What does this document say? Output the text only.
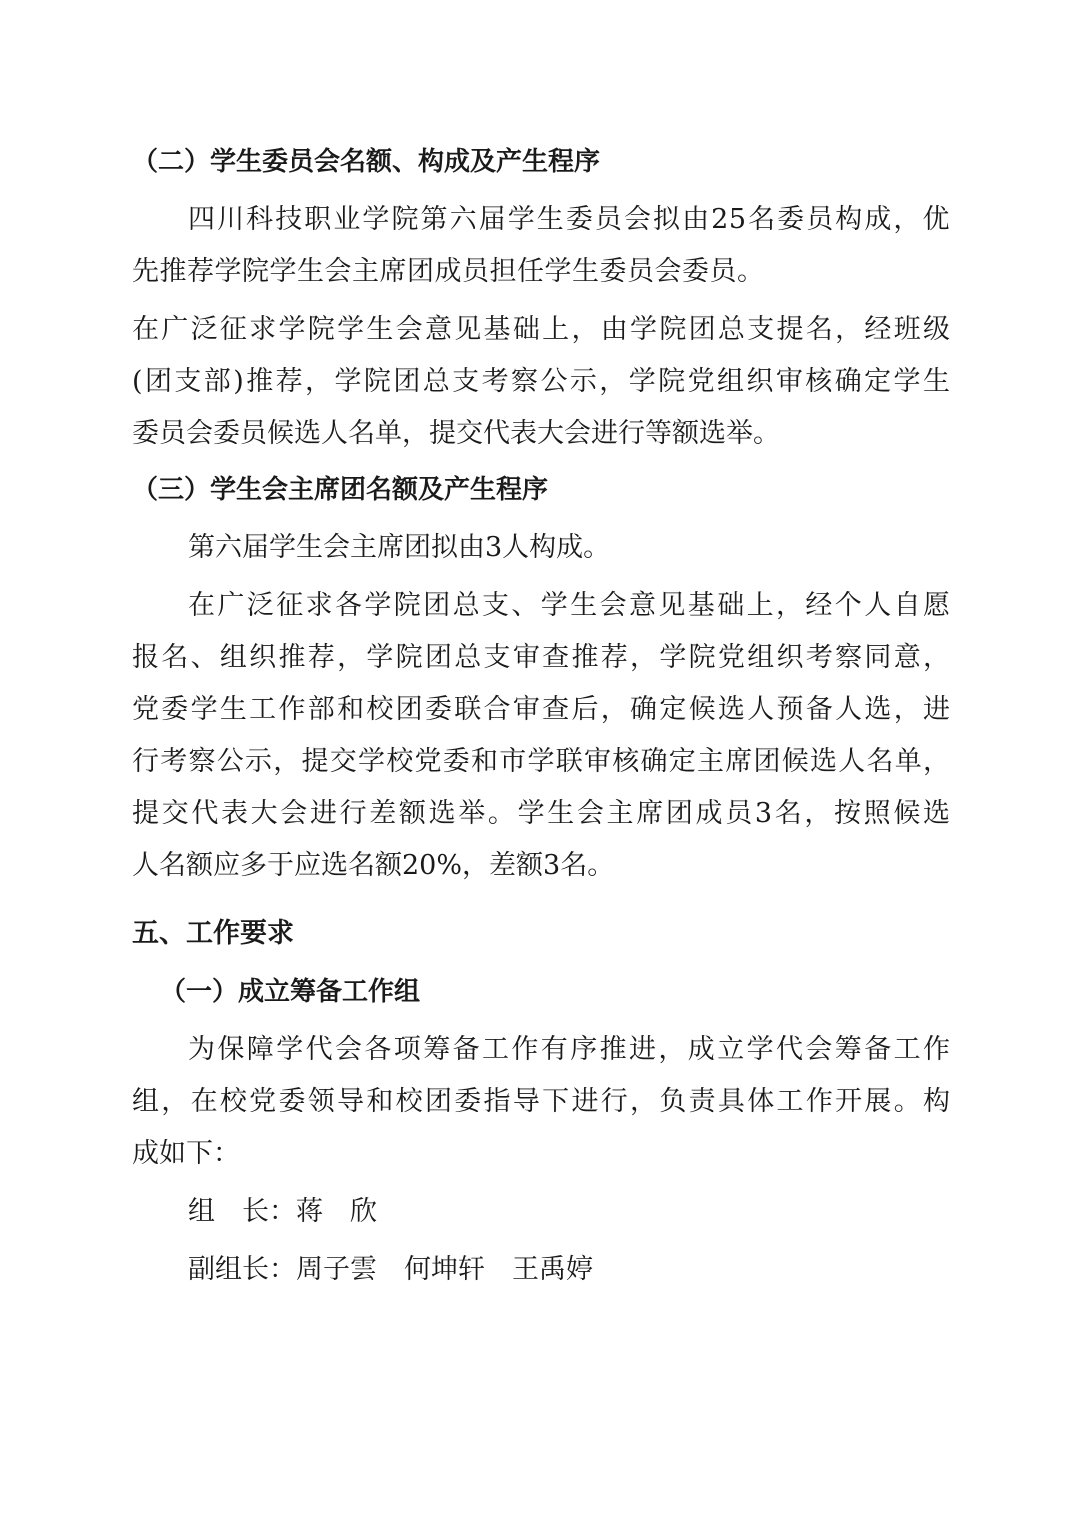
（二）学生委员会名额、构成及产生程序
四川科技职业学院第六届学生委员会拟由25名委员构成，优
先推荐学院学生会主席团成员担任学生委员会委员。
在广泛征求学院学生会意见基础上，由学院团总支提名，经班级
(团支部)推荐，学院团总支考察公示，学院党组织审核确定学生
委员会委员候选人名单，提交代表大会进行等额选举。
（三）学生会主席团名额及产生程序
第六届学生会主席团拟由3人构成。
在广泛征求各学院团总支、学生会意见基础上，经个人自愿
报名、组织推荐，学院团总支审查推荐，学院党组织考察同意，
党委学生工作部和校团委联合审查后，确定候选人预备人选，进
行考察公示，提交学校党委和市学联审核确定主席团候选人名单，
提交代表大会进行差额选举。学生会主席团成员3名，按照候选
人名额应多于应选名额20%，差额3名。
五、工作要求
（一）成立筹备工作组
为保障学代会各项筹备工作有序推进，成立学代会筹备工作
组，在校党委领导和校团委指导下进行，负责具体工作开展。构
成如下：
组　长：蒋　欣
副组长：周子雲　何坤轩　王禹婷
